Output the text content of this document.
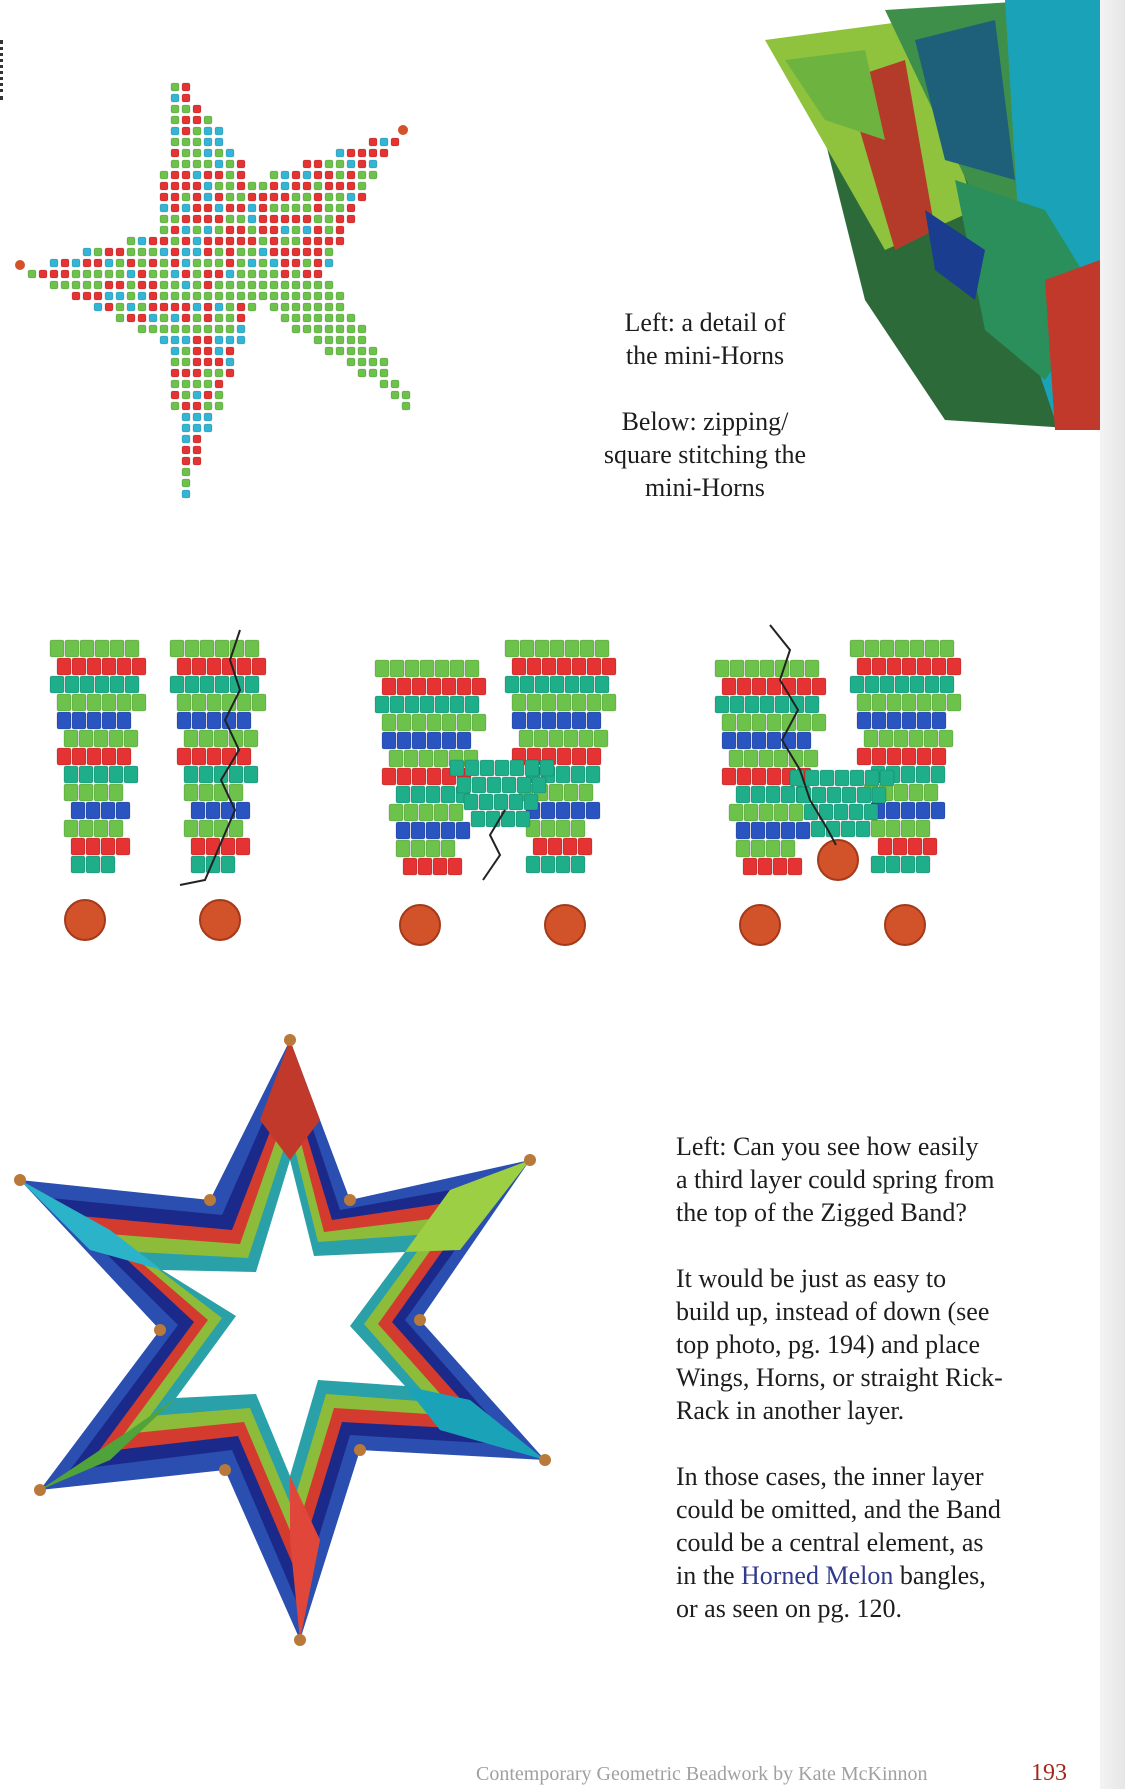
Left: a detail of
the mini-Horns

Below: zipping/
square stitching the
mini-Horns

Left: Can you see how easily
a third layer could spring from
the top of the Zigged Band?

It would be just as easy to
build up, instead of down (see
top photo, pg. 194) and place
Wings, Horns, or straight Rick-
Rack in another layer.

In those cases, the inner layer
could be omitted, and the Band
could be a central element, as
in the Horned Melon bangles,
or as seen on pg. 120.

Contemporary Geometric Beadwork by Kate McKinnon	193
